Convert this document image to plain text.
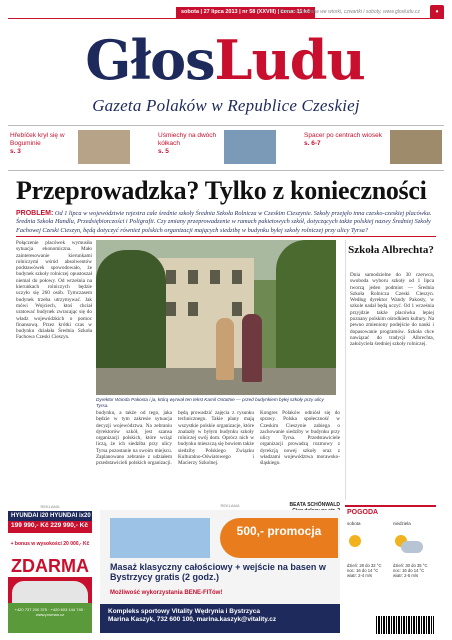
sobota | 27 lipca 2013 | nr 58 (XXVIII) | cena: 11 kč
Pismo wydawane we wtorki, czwartki i soboty, www.glosludu.cz	•
GłosLudu
Gazeta Polaków w Republice Czeskiej
Hřebíček krył się w Boguminie
s. 3
Uśmiechy na dwóch kółkach
s. 5
Spacer po centrach wiosek
s. 6-7
Przeprowadzka? Tylko z konieczności
PROBLEM: Od 1 lipca w województwie rejestra całe średnie szkoły Średnia Szkoła Rolnicza w Czeskim Cieszynie. Szkoły przejęło inna czesko-czeskiej placówka. Średnia Szkoła Handlu, Przedsiębiorczości i Poligrafii. Czy zmiany przeprowadzenie w ramach pakietowych szkół, dotyczących także polskiej nazwy Średniej Szkoły Fachowej Czeski Cieszyn, będą dotyczyć również polskich organizacji mających siedzibę w budynku byłej szkoły rolniczej przy ulicy Tyrsa?
Połączenie placówek wymusiła sytuacja ekonomiczna. Mało zainteresowanie kierunkami rolniczymi wśród absolwentów podstawówek spowodowało, że budynek szkoły rolniczej opustoszał niemal do połowy. Od września na kierunkach rolniczych będzie uczyło się 260 osób. Tymczasem budynek trzeba utrzymywać. Jak mówi Wojciech, ktoś chciał uratować budynek zwracając się do władz wojewódzkich o pomoc finansową. Przez krótki czas w budynku działała Średnia Szkoła Fachowa Czeski Cieszyn.
Dyrektor Wanda Pakosta i ja, którą wyrwał ten tekst Kamil Ostatnie — przed budynkiem byłej szkoły przy ulicy Tyrsa.
budynku, a także od tego, jaka będzie w tym zakresie sytuacja decyzji województwa. Na zebraniu dyrektorów szkół, jest szansa organizacji polskich, które wciąż liczą, że ich siedziba przy ulicy Tyrsa pozostanie na swoim miejscu. Zaplanowano zebranie z udziałem przedstawicieli polskich organizacji.
będą prowadzić zajęcia z rysunku technicznego. Takie plany mają wszystkie polskie organizacje, które znalazły w byłym budynku szkoły rolniczej swój dom. Oprócz nich w budynku mieszczą się bowiem także siedziby Polskiego Związku Kulturalno-Oświatowego i Macierzy Szkolnej.
Kongres Polaków odniósł się do sprawy. Polska społeczność w Czeskim Cieszynie zabiega o zachowanie siedziby w budynku przy ulicy Tyrsa. Przedstawiciele organizacji prowadzą rozmowy z dyrekcją nowej szkoły oraz z władzami województwa morawsko-śląskiego.
BEATA SCHÖNWALD
Szkoła Albrechta?
Dnia samodzielne do 30 czerwca, swoboda wyboru szkoły od 1 lipca tworzą jeden podmiot — Średnia Szkoła Rolnicza Czeski Cieszyn. Według dyrektor Wandy Pakosty, w szkole nadal będą uczyć. Od 1 września przyjdzie także placówka lepiej poznany polskim ośrodkiem kultury. Na pewno zmieniony podejście do nauki i dopasowanie programów. Szkoła chce nawiązać do tradycji Albrechta, założyciela średniej szkoły rolniczej.
REKLAMA
HYUNDAI i20 HYUNDAI ix20
199 990,- Kč 229 990,- Kč
+ bonus w wysokości 20 000,- Kč
ZDARMA
+420 737 200 375 · +420 603 144 745 · www.proman.cz
REKLAMA
500,- promocja
Masaż klasyczny całościowy + wejście na basen w Bystrzycy gratis (2 godz.)
Możliwość wykorzystania BENE-FITów!
Kompleks sportowy Vitality Wędrynia i Bystrzyca
Marina Kaszyk, 732 600 100, marina.kaszyk@vitality.cz
POGODA
sobota	niedziela
dzień: 28 do 32 °C
noc: 16 do 14 °C
wiatr: 2-4 m/s
dzień: 30 do 35 °C
noc: 16 do 14 °C
wiatr: 2-5 m/s
